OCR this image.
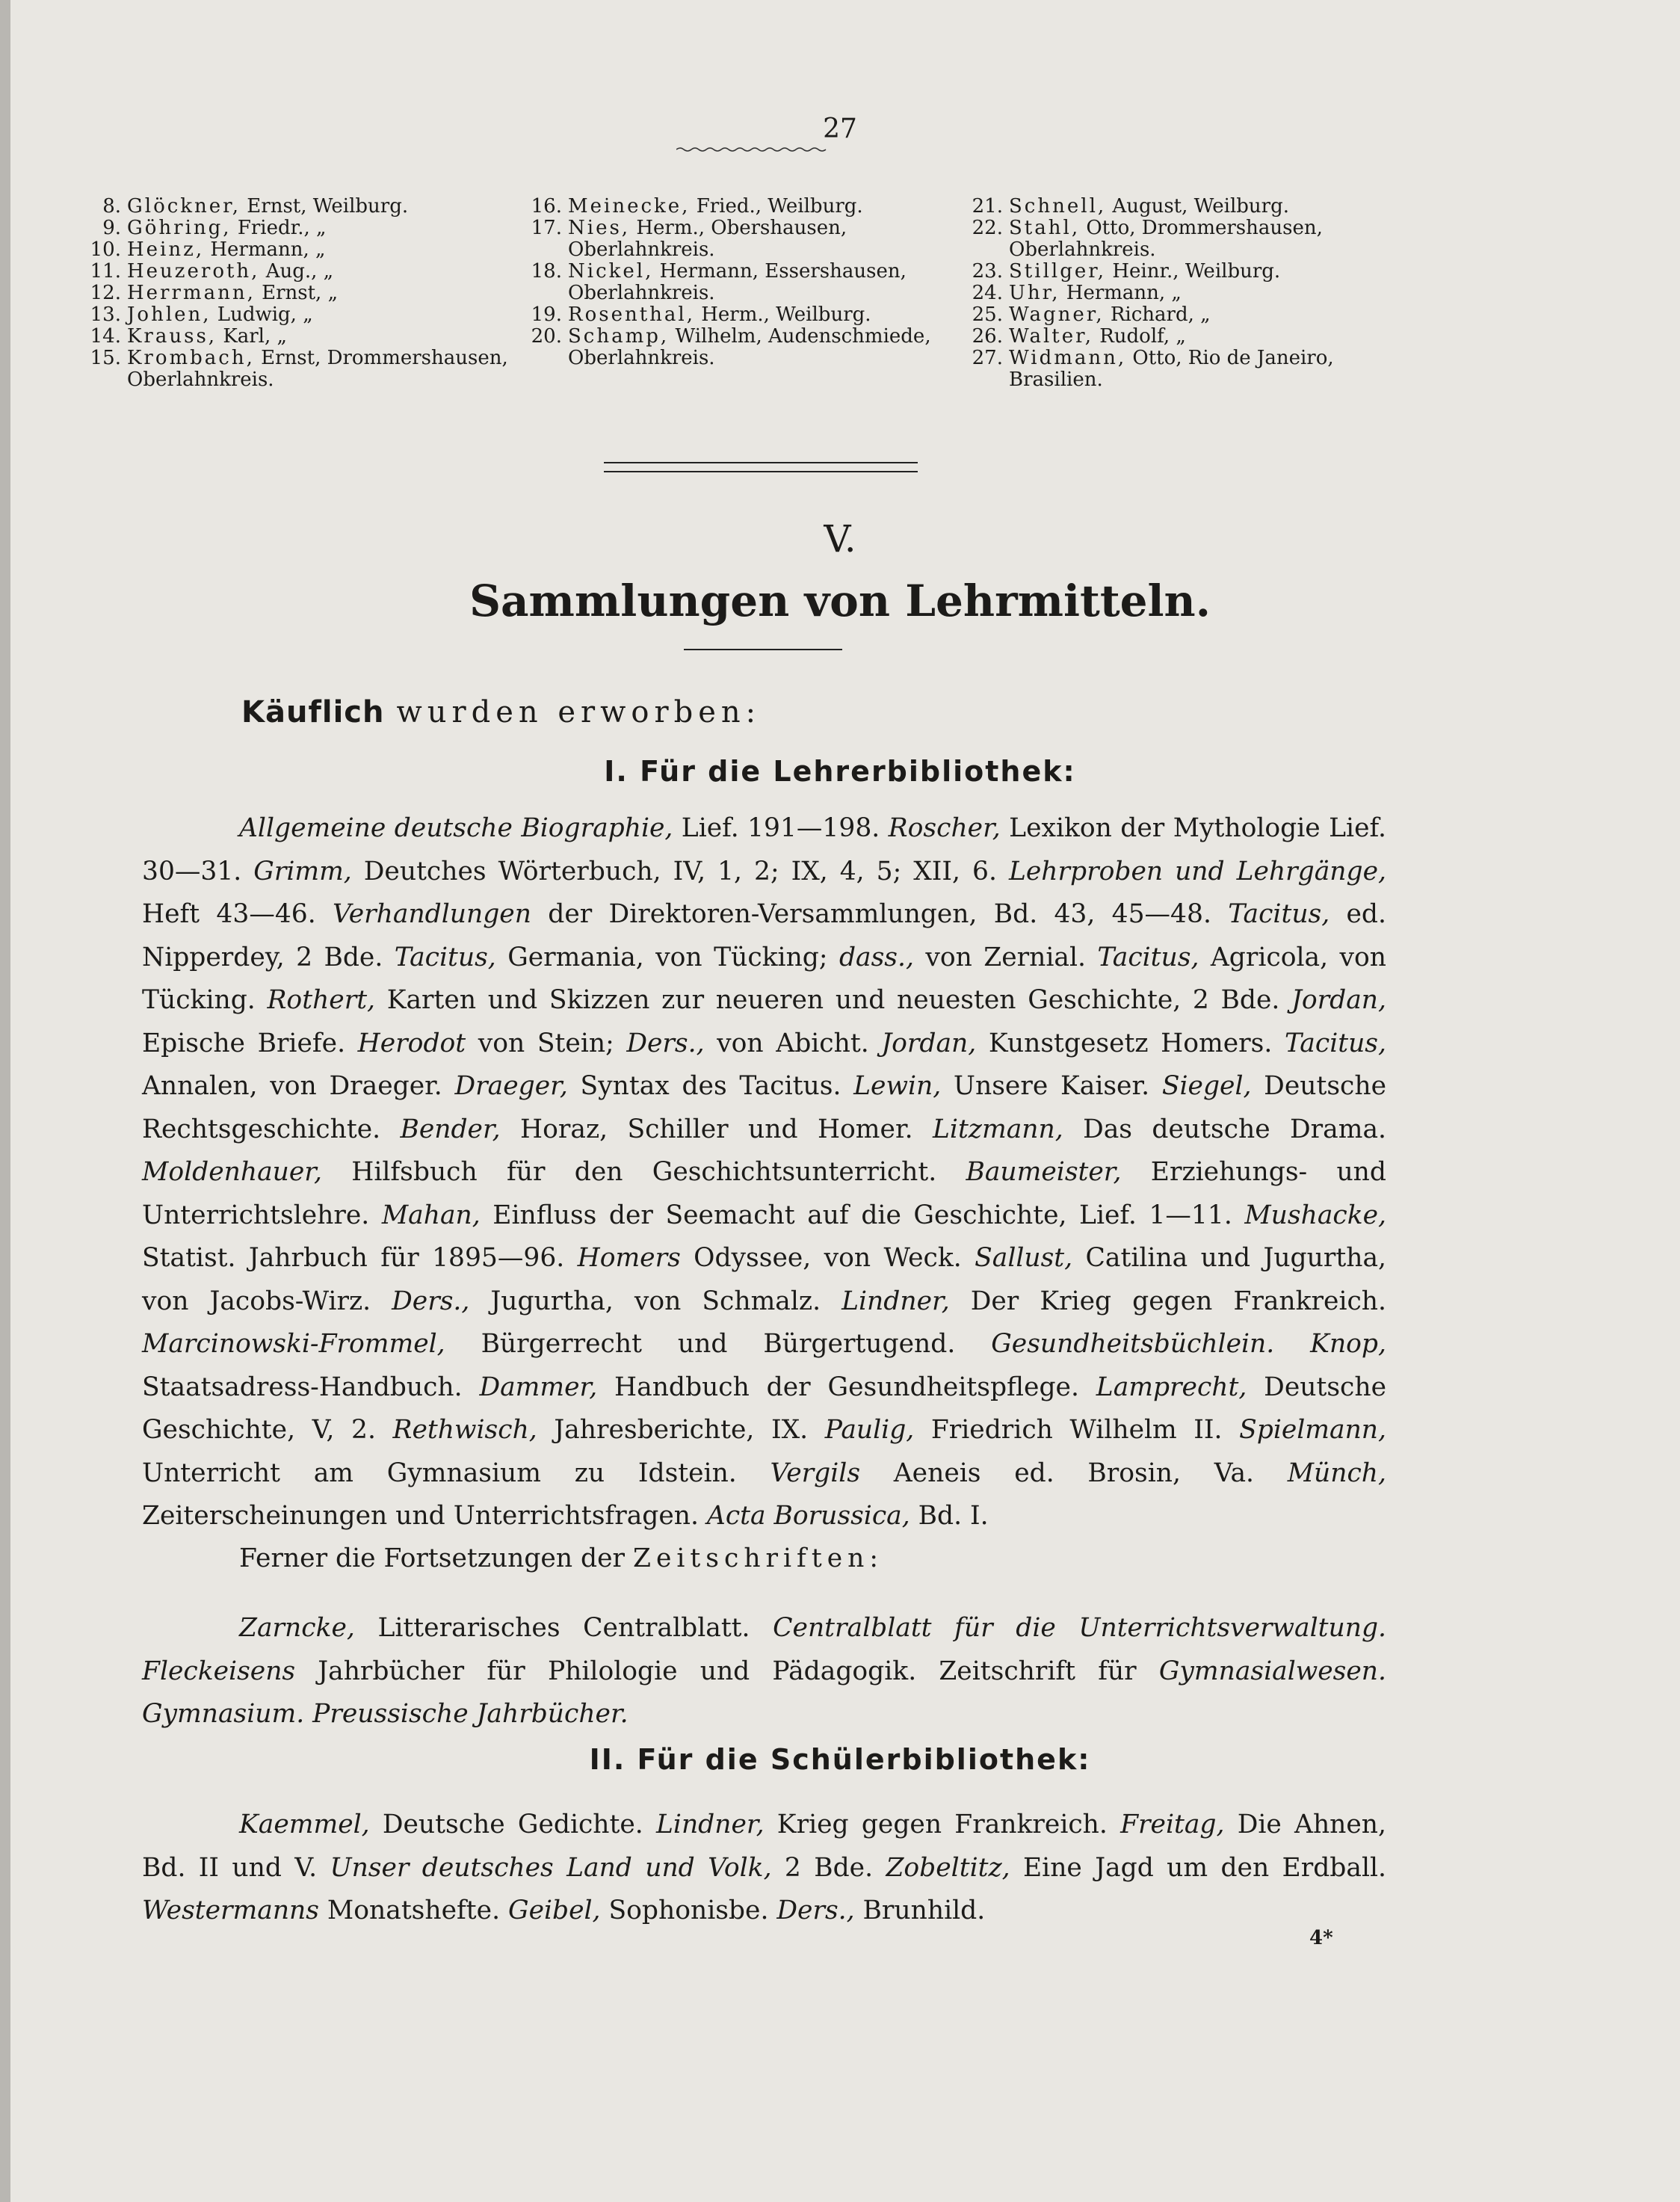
27
8. Glöckner, Ernst, Weilburg.
9. Göhring, Friedr., „
10. Heinz, Hermann, „
11. Heuzeroth, Aug., „
12. Herrmann, Ernst, „
13. Johlen, Ludwig, „
14. Krauss, Karl, „
15. Krombach, Ernst, Drommershausen, Oberlahnkreis.
16. Meinecke, Fried., Weilburg.
17. Nies, Herm., Obershausen, Oberlahnkreis.
18. Nickel, Hermann, Essershausen, Oberlahnkreis.
19. Rosenthal, Herm., Weilburg.
20. Schamp, Wilhelm, Audenschmiede, Oberlahnkreis.
21. Schnell, August, Weilburg.
22. Stahl, Otto, Drommershausen, Oberlahnkreis.
23. Stillger, Heinr., Weilburg.
24. Uhr, Hermann, „
25. Wagner, Richard, „
26. Walter, Rudolf, „
27. Widmann, Otto, Rio de Janeiro, Brasilien.
V.
Sammlungen von Lehrmitteln.
Käuflich wurden erworben:
I. Für die Lehrerbibliothek:
Allgemeine deutsche Biographie, Lief. 191—198. Roscher, Lexikon der Mythologie Lief. 30—31. Grimm, Deutches Wörterbuch, IV, 1, 2; IX, 4, 5; XII, 6. Lehrproben und Lehrgänge, Heft 43—46. Verhandlungen der Direktoren-Versammlungen, Bd. 43, 45—48. Tacitus, ed. Nipperdey, 2 Bde. Tacitus, Germania, von Tücking; dass., von Zernial. Tacitus, Agricola, von Tücking. Rothert, Karten und Skizzen zur neueren und neuesten Geschichte, 2 Bde. Jordan, Epische Briefe. Herodot von Stein; Ders., von Abicht. Jordan, Kunstgesetz Homers. Tacitus, Annalen, von Draeger. Draeger, Syntax des Tacitus. Lewin, Unsere Kaiser. Siegel, Deutsche Rechtsgeschichte. Bender, Horaz, Schiller und Homer. Litzmann, Das deutsche Drama. Moldenhauer, Hilfsbuch für den Geschichtsunterricht. Baumeister, Erziehungs- und Unterrichtslehre. Mahan, Einfluss der Seemacht auf die Geschichte, Lief. 1—11. Mushacke, Statist. Jahrbuch für 1895—96. Homers Odyssee, von Weck. Sallust, Catilina und Jugurtha, von Jacobs-Wirz. Ders., Jugurtha, von Schmalz. Lindner, Der Krieg gegen Frankreich. Marcinowski-Frommel, Bürgerrecht und Bürgertugend. Gesundheitsbüchlein. Knop, Staatsadress-Handbuch. Dammer, Handbuch der Gesundheitspflege. Lamprecht, Deutsche Geschichte, V, 2. Rethwisch, Jahresberichte, IX. Paulig, Friedrich Wilhelm II. Spielmann, Unterricht am Gymnasium zu Idstein. Vergils Aeneis ed. Brosin, Va. Münch, Zeiterscheinungen und Unterrichtsfragen. Acta Borussica, Bd. I.
Ferner die Fortsetzungen der Zeitschriften:
Zarncke, Litterarisches Centralblatt. Centralblatt für die Unterrichtsverwaltung. Fleckeisens Jahrbücher für Philologie und Pädagogik. Zeitschrift für Gymnasialwesen. Gymnasium. Preussische Jahrbücher.
II. Für die Schülerbibliothek:
Kaemmel, Deutsche Gedichte. Lindner, Krieg gegen Frankreich. Freitag, Die Ahnen, Bd. II und V. Unser deutsches Land und Volk, 2 Bde. Zobeltitz, Eine Jagd um den Erdball. Westermanns Monatshefte. Geibel, Sophonisbe. Ders., Brunhild.
4*
